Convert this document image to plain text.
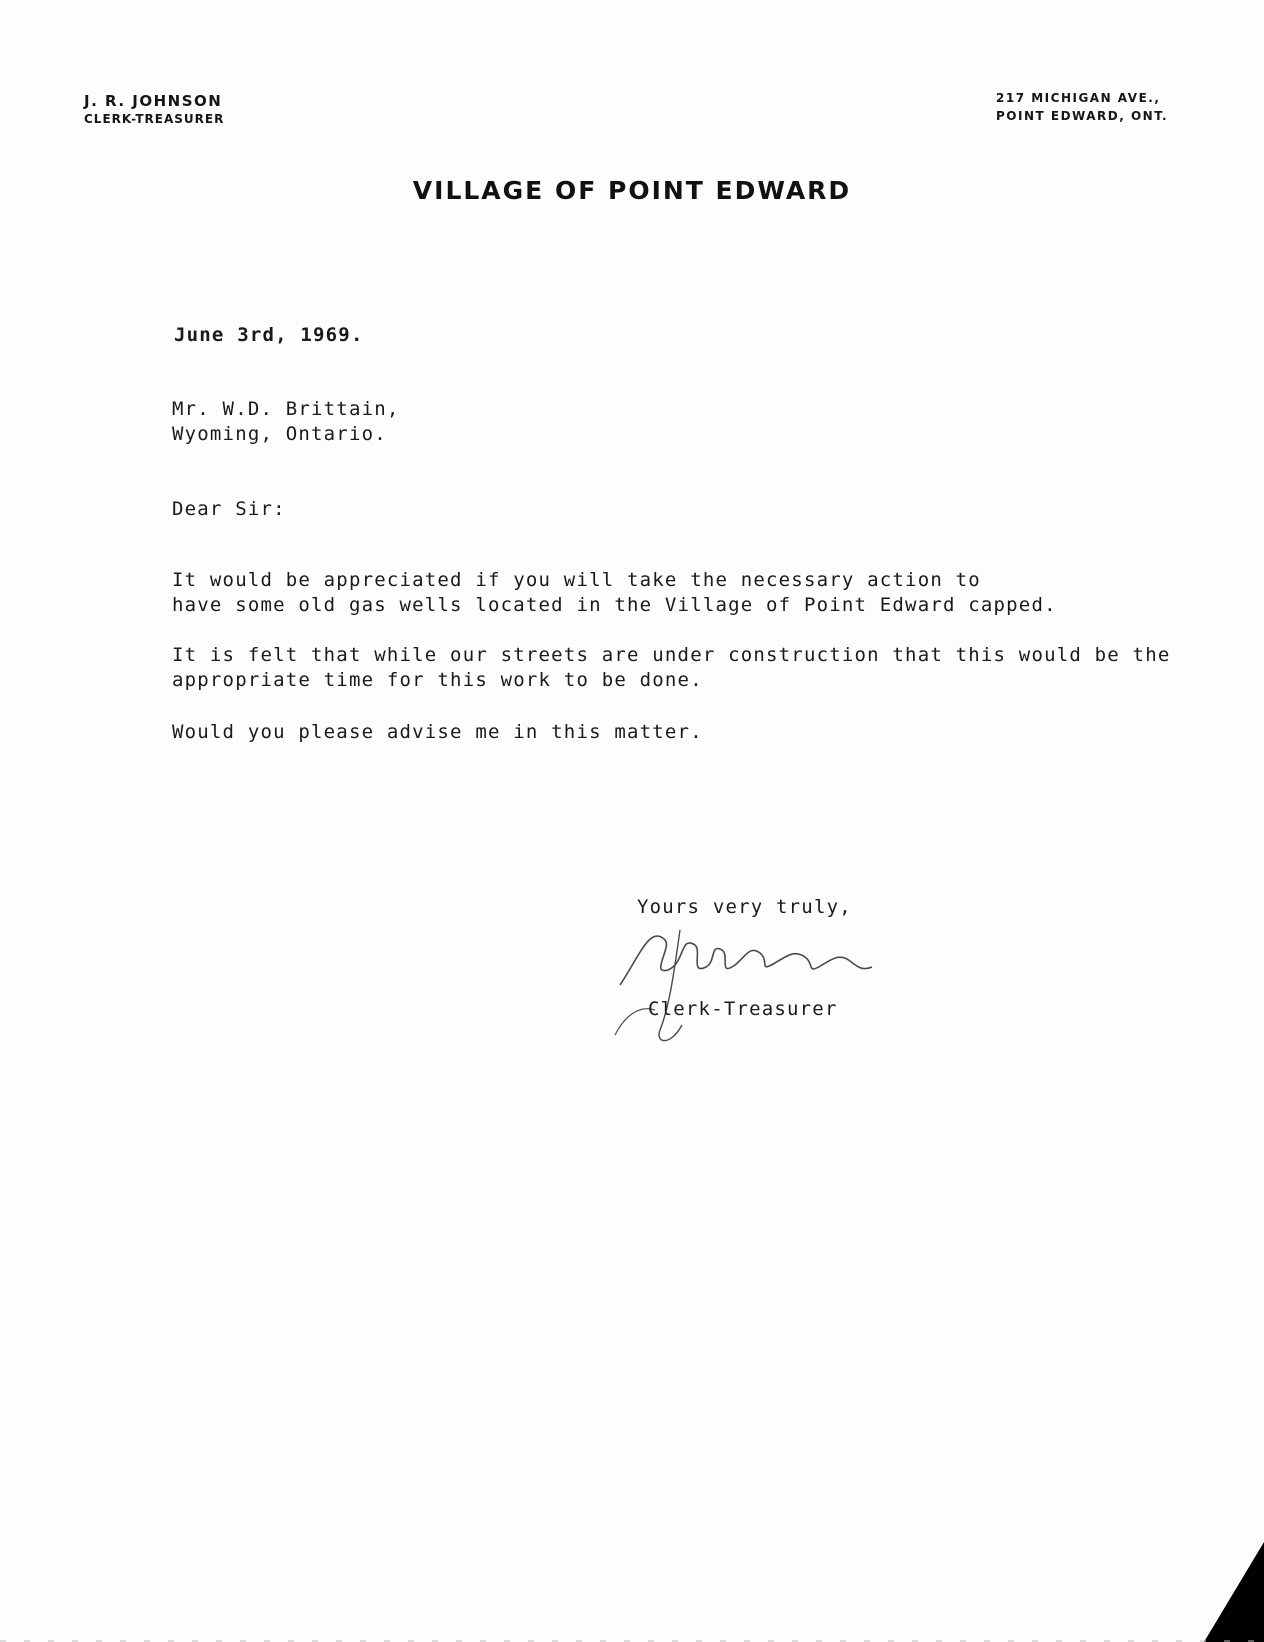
J. R. JOHNSON
CLERK-TREASURER
217 MICHIGAN AVE.,
POINT EDWARD, ONT.
VILLAGE OF POINT EDWARD
June 3rd, 1969.
Mr. W.D. Brittain,
Wyoming, Ontario.
Dear Sir:
It would be appreciated if you will take the necessary action to
have some old gas wells located in the Village of Point Edward capped.
It is felt that while our streets are under construction that this would be the
appropriate time for this work to be done.
Would you please advise me in this matter.
Yours very truly,
Clerk-Treasurer
